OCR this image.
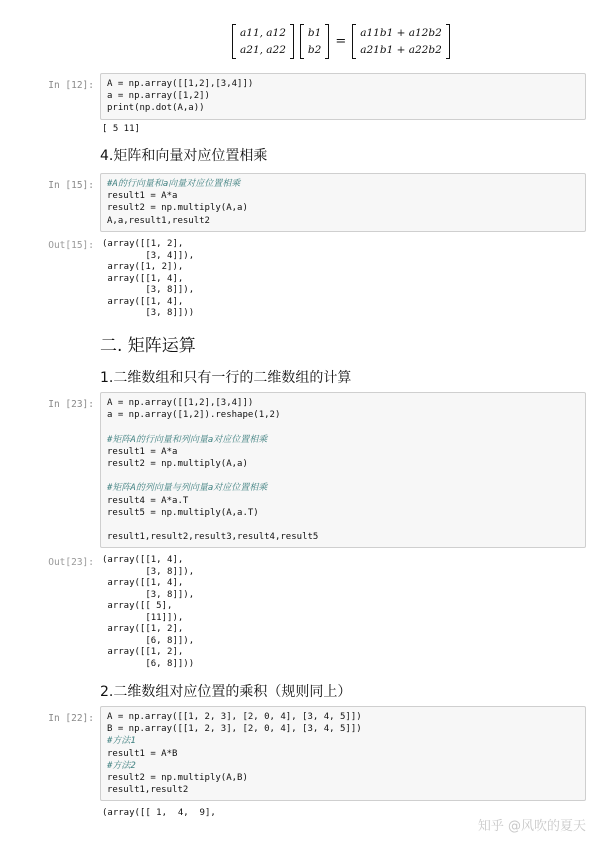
a11, a12
a21, a22
b1
b2
=
a11b1 + a12b2
a21b1 + a22b2
In [12]: A = np.array([[1,2],[3,4]])
a = np.array([1,2])
print(np.dot(A,a))
[ 5 11]
4.矩阵和向量对应位置相乘
In [15]: #A的行向量和a向量对应位置相乘
result1 = A*a
result2 = np.multiply(A,a)
A,a,result1,result2
Out[15]: (array([[1, 2],
[3, 4]]),
array([1, 2]),
array([[1, 4],
[3, 8]]),
array([[1, 4],
[3, 8]]))
二. 矩阵运算
1.二维数组和只有一行的二维数组的计算
In [23]: A = np.array([[1,2],[3,4]])
a = np.array([1,2]).reshape(1,2)
#矩阵A的行向量和列向量a对应位置相乘
result1 = A*a
result2 = np.multiply(A,a)
#矩阵A的列向量与列向量a对应位置相乘
result4 = A*a.T
result5 = np.multiply(A,a.T)
result1,result2,result3,result4,result5
Out[23]: (array([[1, 4],
[3, 8]]),
array([[1, 4],
[3, 8]]),
array([[ 5],
[11]]),
array([[1, 2],
[6, 8]]),
array([[1, 2],
[6, 8]]))
2.二维数组对应位置的乘积（规则同上）
In [22]: A = np.array([[1, 2, 3], [2, 0, 4], [3, 4, 5]])
B = np.array([[1, 2, 3], [2, 0, 4], [3, 4, 5]])
#方法1
result1 = A*B
#方法2
result2 = np.multiply(A,B)
result1,result2
(array([[ 1,  4,  9],
知乎 @风吹的夏天
